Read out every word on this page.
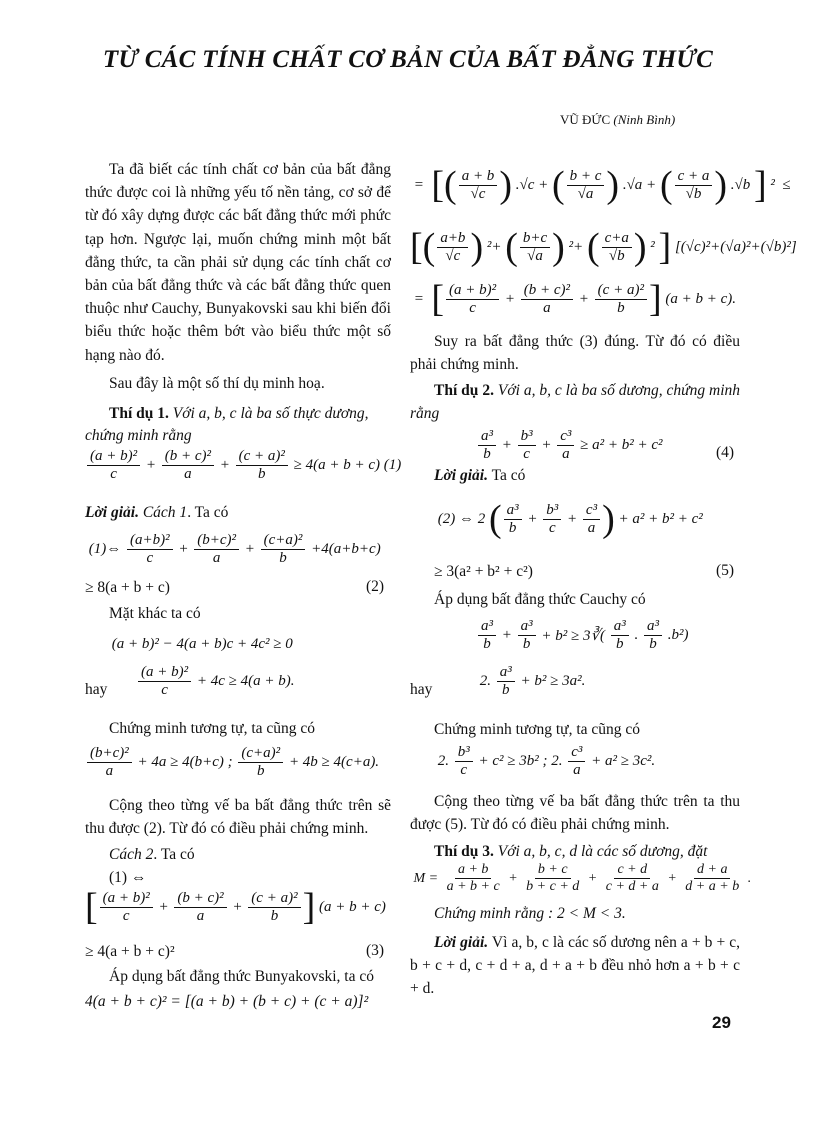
TỪ CÁC TÍNH CHẤT CƠ BẢN CỦA BẤT ĐẲNG THỨC
VŨ ĐỨC (Ninh Bình)
Ta đã biết các tính chất cơ bản của bất đẳng thức được coi là những yếu tố nền tảng, cơ sở để từ đó xây dựng được các bất đẳng thức mới phức tạp hơn. Ngược lại, muốn chứng minh một bất đẳng thức, ta cần phải sử dụng các tính chất cơ bản của bất đẳng thức và các bất đẳng thức quen thuộc như Cauchy, Bunyakovski sau khi biến đổi biểu thức hoặc thêm bớt vào biểu thức một số hạng nào đó.
Sau đây là một số thí dụ minh hoạ.
Thí dụ 1. Với a, b, c là ba số thực dương,
chứng minh rằng
$\frac{\text{(a + b)²}}{c} + \frac{\text{(b + c)²}}{a} + \frac{\text{(c + a)²}}{b} \ge 4(a + b + c)$ (1)
Lời giải. Cách 1. Ta có
(1)⇔ $\frac{\text{(a+b)²}}{c} + \frac{\text{(b+c)²}}{a} + \frac{\text{(c+a)²}}{b} +4(a+b+c)$
≥ 8(a + b + c)	(2)
Mặt khác ta có
(a + b)² − 4(a + b)c + 4c² ≥ 0
hay $\frac{\text{(a + b)²}}{c} + 4c \ge 4(a + b)$.
Chứng minh tương tự, ta cũng có
$\frac{\text{(b+c)²}}{a} + 4a \ge 4(b+c)$ ; $\frac{\text{(c+a)²}}{b} + 4b \ge 4(c+a)$.
Cộng theo từng vế ba bất đẳng thức trên sẽ thu được (2). Từ đó có điều phải chứng minh.
Cách 2. Ta có
(1) ⇔
[ $\frac{\text{(a + b)²}}{c} + \frac{\text{(b + c)²}}{a} + \frac{\text{(c + a)²}}{b}$ ] (a + b + c)
≥ 4(a + b + c)²	(3)
Áp dụng bất đẳng thức Bunyakovski, ta có
4(a + b + c)² = [(a + b) + (b + c) + (c + a)]²
= [( $\frac{a + b}{√c}$ ) .√c + ( $\frac{b + c}{√a}$ ) .√a + ( $\frac{c + a}{√b}$ ) .√b ] ²  ≤
[( $\frac{a+b}{√c}$ ) ²+ ( $\frac{b+c}{√a}$ ) ²+ ( $\frac{c+a}{√b}$ ) ² ] [(√c)²+(√a)²+(√b)²]
= [ $\frac{\text{(a + b)²}}{c} + \frac{\text{(b + c)²}}{a} + \frac{\text{(c + a)²}}{b}$ ] (a + b + c).
Suy ra bất đẳng thức (3) đúng. Từ đó có điều phải chứng minh.
Thí dụ 2. Với a, b, c là ba số dương, chứng minh rằng
$\frac{\text{a³}}{b} + \frac{\text{b³}}{c} + \frac{\text{c³}}{a} \ge a^2 + b^2 + c^2$	(4)
Lời giải. Ta có
(2) ⇔ 2 ( $\frac{\text{a³}}{b} + \frac{\text{b³}}{c} + \frac{\text{c³}}{a}$ ) + a² + b² + c²
≥ 3(a² + b² + c²)	(5)
Áp dụng bất đẳng thức Cauchy có
$\frac{\text{a³}}{b} + \frac{\text{a³}}{b} + b^2$ ≥ 3∛( $\frac{\text{a³}}{b}$ . $\frac{\text{a³}}{b} .b^2$)
hay	2. $\frac{\text{a³}}{b} + b^2 \ge 3a^2$.
Chứng minh tương tự, ta cũng có
2. $\frac{\text{b³}}{c} + c^2 \ge 3b^2$ ; 2. $\frac{\text{c³}}{a} + a^2 \ge 3c^2$.
Cộng theo từng vế ba bất đẳng thức trên ta thu được (5). Từ đó có điều phải chứng minh.
Thí dụ 3. Với a, b, c, d là các số dương, đặt
$M = \frac{a + b}{a + b + c} + \frac{b + c}{b + c + d} + \frac{c + d}{c + d + a} + \frac{d + a}{d + a + b}$ .
Chứng minh rằng : 2 < M < 3.
Lời giải. Vì a, b, c là các số dương nên a + b + c, b + c + d, c + d + a, d + a + b đều nhỏ hơn a + b + c + d.
29
